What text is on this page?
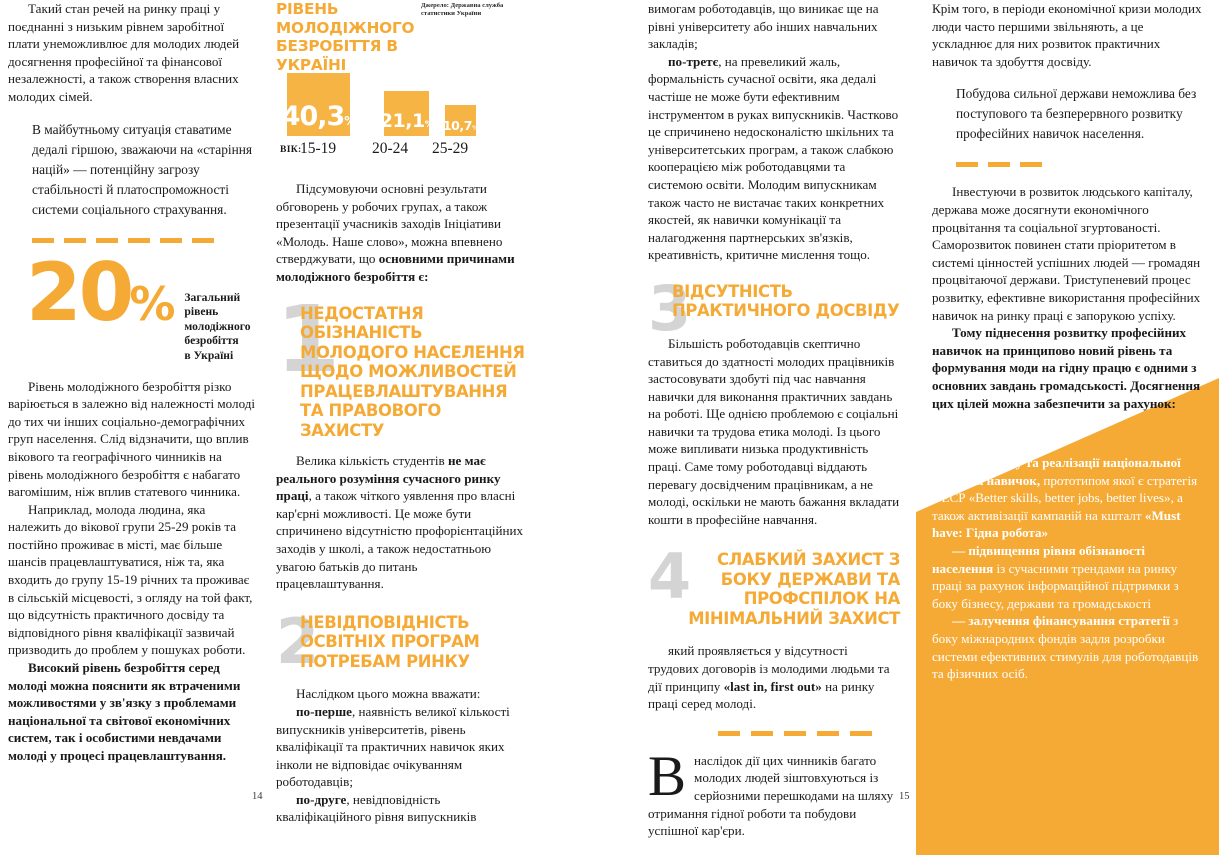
Такий стан речей на ринку праці у поєднанні з низьким рівнем заробітної плати унеможливлює для молодих людей досягнення професійної та фінансової незалежності, а також створення власних молодих сімей.

В майбутньому ситуація ставатиме дедалі гіршою, зважаючи на «старіння націй» — потенційну загрозу стабільності й платоспроможності системи соціального страхування.

20
% Загальний рівень
молодіжного
безробіття
в Україні

Рівень молодіжного безробіття різко варіюється в залежно від належності молоді до тих чи інших соціально-демографічних груп населення. Слід відзначити, що вплив вікового та географічного чинників на рівень молодіжного безробіття є набагато вагомішим, ніж вплив статевого чинника.

Наприклад, молода людина, яка належить до вікової групи 25-29 років та постійно проживає в місті, має більше шансів працевлаштуватися, ніж та, яка входить до групу 15-19 річних та проживає в сільській місцевості, з огляду на той факт, що відсутність практичного досвіду та відповідного рівня кваліфікації зазвичай призводить до проблем у пошуках роботи.

Високий рівень безробіття серед молоді можна пояснити як втраченими можливостями у зв'язку з проблемами національної та світової економічних систем, так і особистими невдачами молоді у процесі працевлаштування.

РІВЕНЬ МОЛОДІЖНОГО БЕЗРОБІТТЯ В УКРАЇНІ
Джерело: Державна служба статистики України
40,3 % 21,1 % 10,7 %
ВІК:
15-19 20-24 25-29

Підсумовуючи основні результати обговорень у робочих групах, а також презентації учасників заходів Ініціативи «Молодь. Наше слово», можна впевнено стверджувати, що основними причинами молодіжного безробіття є:

1
НЕДОСТАТНЯ ОБІЗНАНІСТЬ МОЛОДОГО НАСЕЛЕННЯ ЩОДО МОЖЛИВОСТЕЙ ПРАЦЕВЛАШТУВАННЯ ТА ПРАВОВОГО ЗАХИСТУ

Велика кількість студентів не має реального розуміння сучасного ринку праці, а також чіткого уявлення про власні кар'єрні можливості. Це може бути спричинено відсутністю профорієнтаційних заходів у школі, а також недостатньою увагою батьків до питань працевлаштування.

2
НЕВІДПОВІДНІСТЬ ОСВІТНІХ ПРОГРАМ ПОТРЕБАМ РИНКУ

Наслідком цього можна вважати:

по-перше, наявність великої кількості випускників університетів, рівень кваліфікації та практичних навичок яких інколи не відповідає очікуванням роботодавців;

по-друге, невідповідність кваліфікаційного рівня випускників

вимогам роботодавців, що виникає ще на рівні університету або інших навчальних закладів;

по-третє, на превеликий жаль, формальність сучасної освіти, яка дедалі частіше не може бути ефективним інструментом в руках випускників. Частково це спричинено недосконалістю шкільних та університетських програм, а також слабкою кооперацією між роботодавцями та системою освіти. Молодим випускникам також часто не вистачає таких конкретних якостей, як навички комунікації та налагодження партнерських зв'язків, креативність, критичне мислення тощо.

3
ВІДСУТНІСТЬ ПРАКТИЧНОГО ДОСВІДУ

Більшість роботодавців скептично ставиться до здатності молодих працівників застосовувати здобуті під час навчання навички для виконання практичних завдань на роботі. Ще однією проблемою є соціальні навички та трудова етика молоді. Із цього може випливати низька продуктивність праці. Саме тому роботодавці віддають перевагу досвідченим працівникам, а не молоді, оскільки не мають бажання вкладати кошти в професійне навчання.

4	СЛАБКИЙ ЗАХИСТ З БОКУ ДЕРЖАВИ ТА ПРОФСПІЛОК НА МІНІМАЛЬНИЙ ЗАХИСТ

який проявляється у відсутності трудових договорів із молодими людьми та дії принципу «last in, first out» на ринку праці серед молоді.

Внаслідок дії цих чинників багато молодих людей зіштовхуються із серйозними перешкодами на шляху отримання гідної роботи та побудови успішної кар'єри.

Крім того, в періоди економічної кризи молодих люди часто першими звільняють, а це ускладнює для них розвиток практичних навичок та здобуття досвіду.

Побудова сильної держави неможлива без поступового та безперервного розвитку професійних навичок населення.

Інвестуючи в розвиток людського капіталу, держава може досягнути економічного процвітання та соціальної згуртованості. Саморозвиток повинен стати пріоритетом в системі цінностей успішних людей — громадян процвітаючої держави. Триступеневий процес розвитку, ефективне використання професійних навичок на ринку праці є запорукою успіху.

Тому піднесення розвитку професійних навичок на принципово новий рівень та формування моди на гідну працю є одними з основних завдань громадськості. Досягнення цих цілей можна забезпечити за рахунок:

— розвитку та реалізації національної стратегії навичок, прототипом якої є стратегія ОЕСР «Better skills, better jobs, better lives», а також активізації кампаній на кшталт «Must have: Гідна робота»

— підвищення рівня обізнаності населення із сучасними трендами на ринку праці за рахунок інформаційної підтримки з боку бізнесу, держави та громадськості

— залучення фінансування стратегії з боку міжнародних фондів задля розробки системи ефективних стимулів для роботодавців та фізичних осіб.

14	15
